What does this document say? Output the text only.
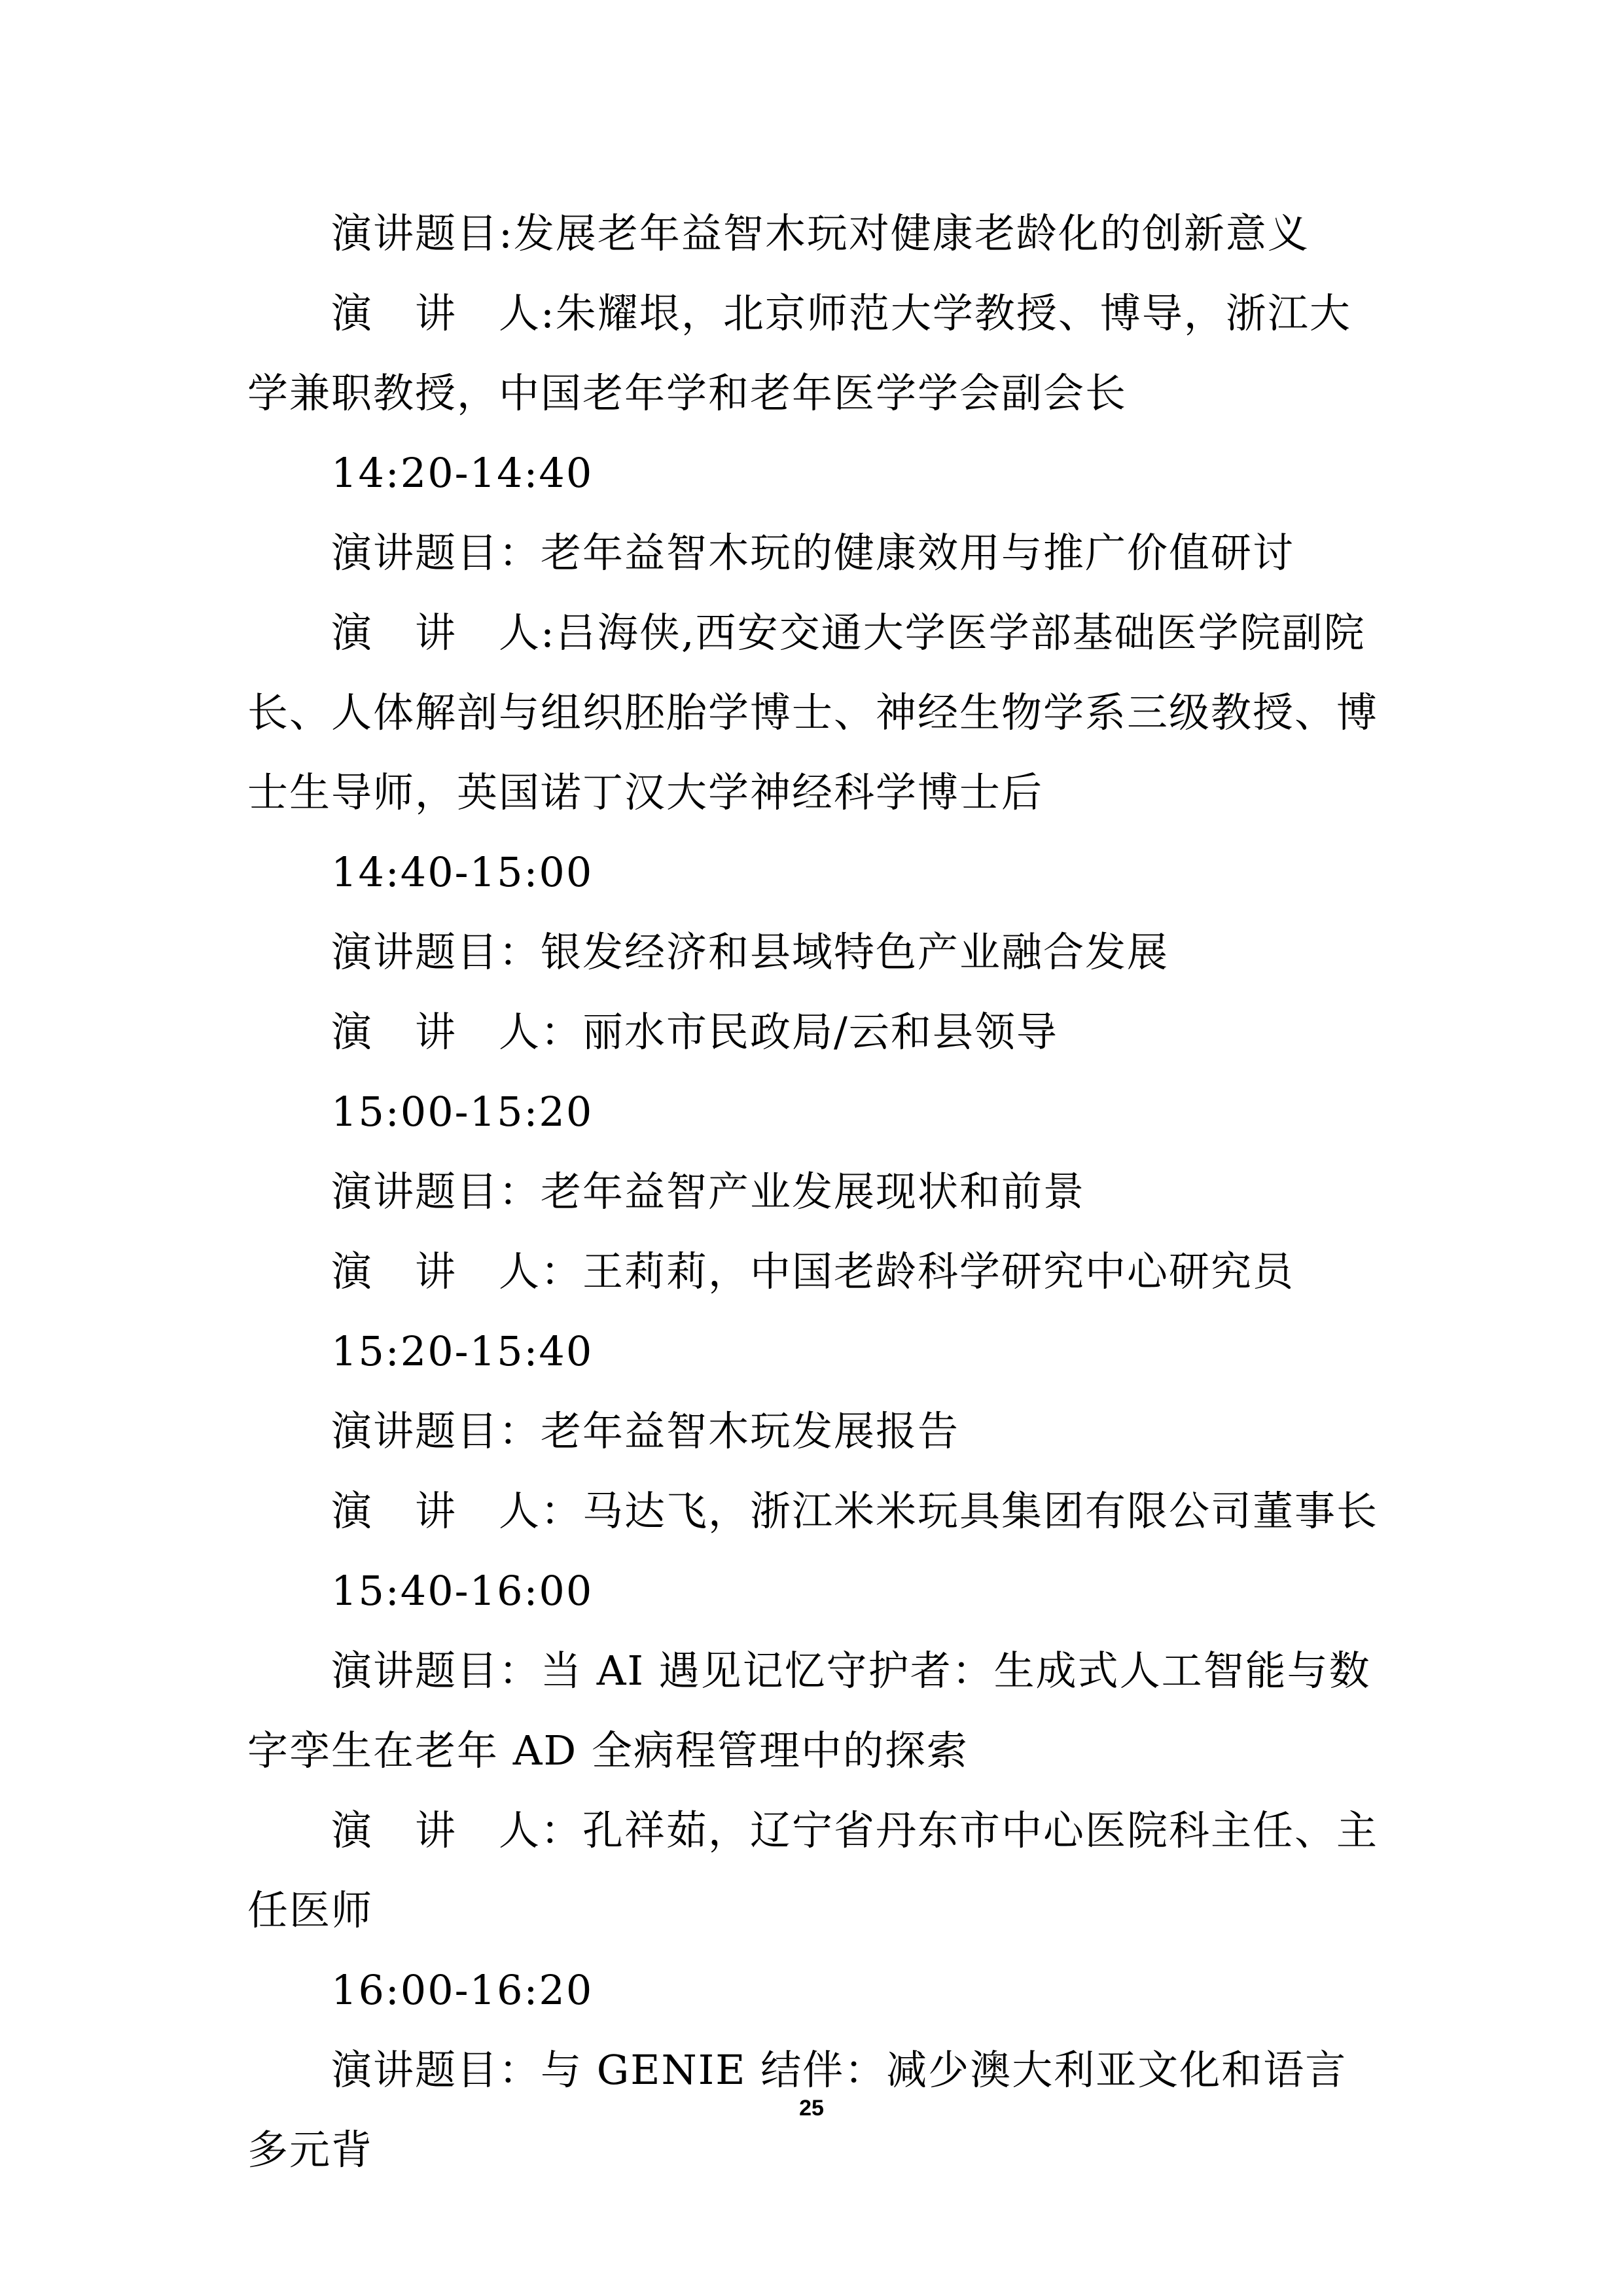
演讲题目:发展老年益智木玩对健康老龄化的创新意义

演　讲　人:朱耀垠，北京师范大学教授、博导，浙江大学兼职教授，中国老年学和老年医学学会副会长

14:20-14:40

演讲题目：老年益智木玩的健康效用与推广价值研讨

演　讲　人:吕海侠,西安交通大学医学部基础医学院副院长、人体解剖与组织胚胎学博士、神经生物学系三级教授、博士生导师，英国诺丁汉大学神经科学博士后

14:40-15:00

演讲题目：银发经济和县域特色产业融合发展

演　讲　人：丽水市民政局/云和县领导

15:00-15:20

演讲题目：老年益智产业发展现状和前景

演　讲　人：王莉莉，中国老龄科学研究中心研究员

15:20-15:40

演讲题目：老年益智木玩发展报告

演　讲　人：马达飞，浙江米米玩具集团有限公司董事长

15:40-16:00

演讲题目：当 AI 遇见记忆守护者：生成式人工智能与数字孪生在老年 AD 全病程管理中的探索

演　讲　人：孔祥茹，辽宁省丹东市中心医院科主任、主任医师

16:00-16:20

演讲题目：与 GENIE 结伴：减少澳大利亚文化和语言多元背

25
